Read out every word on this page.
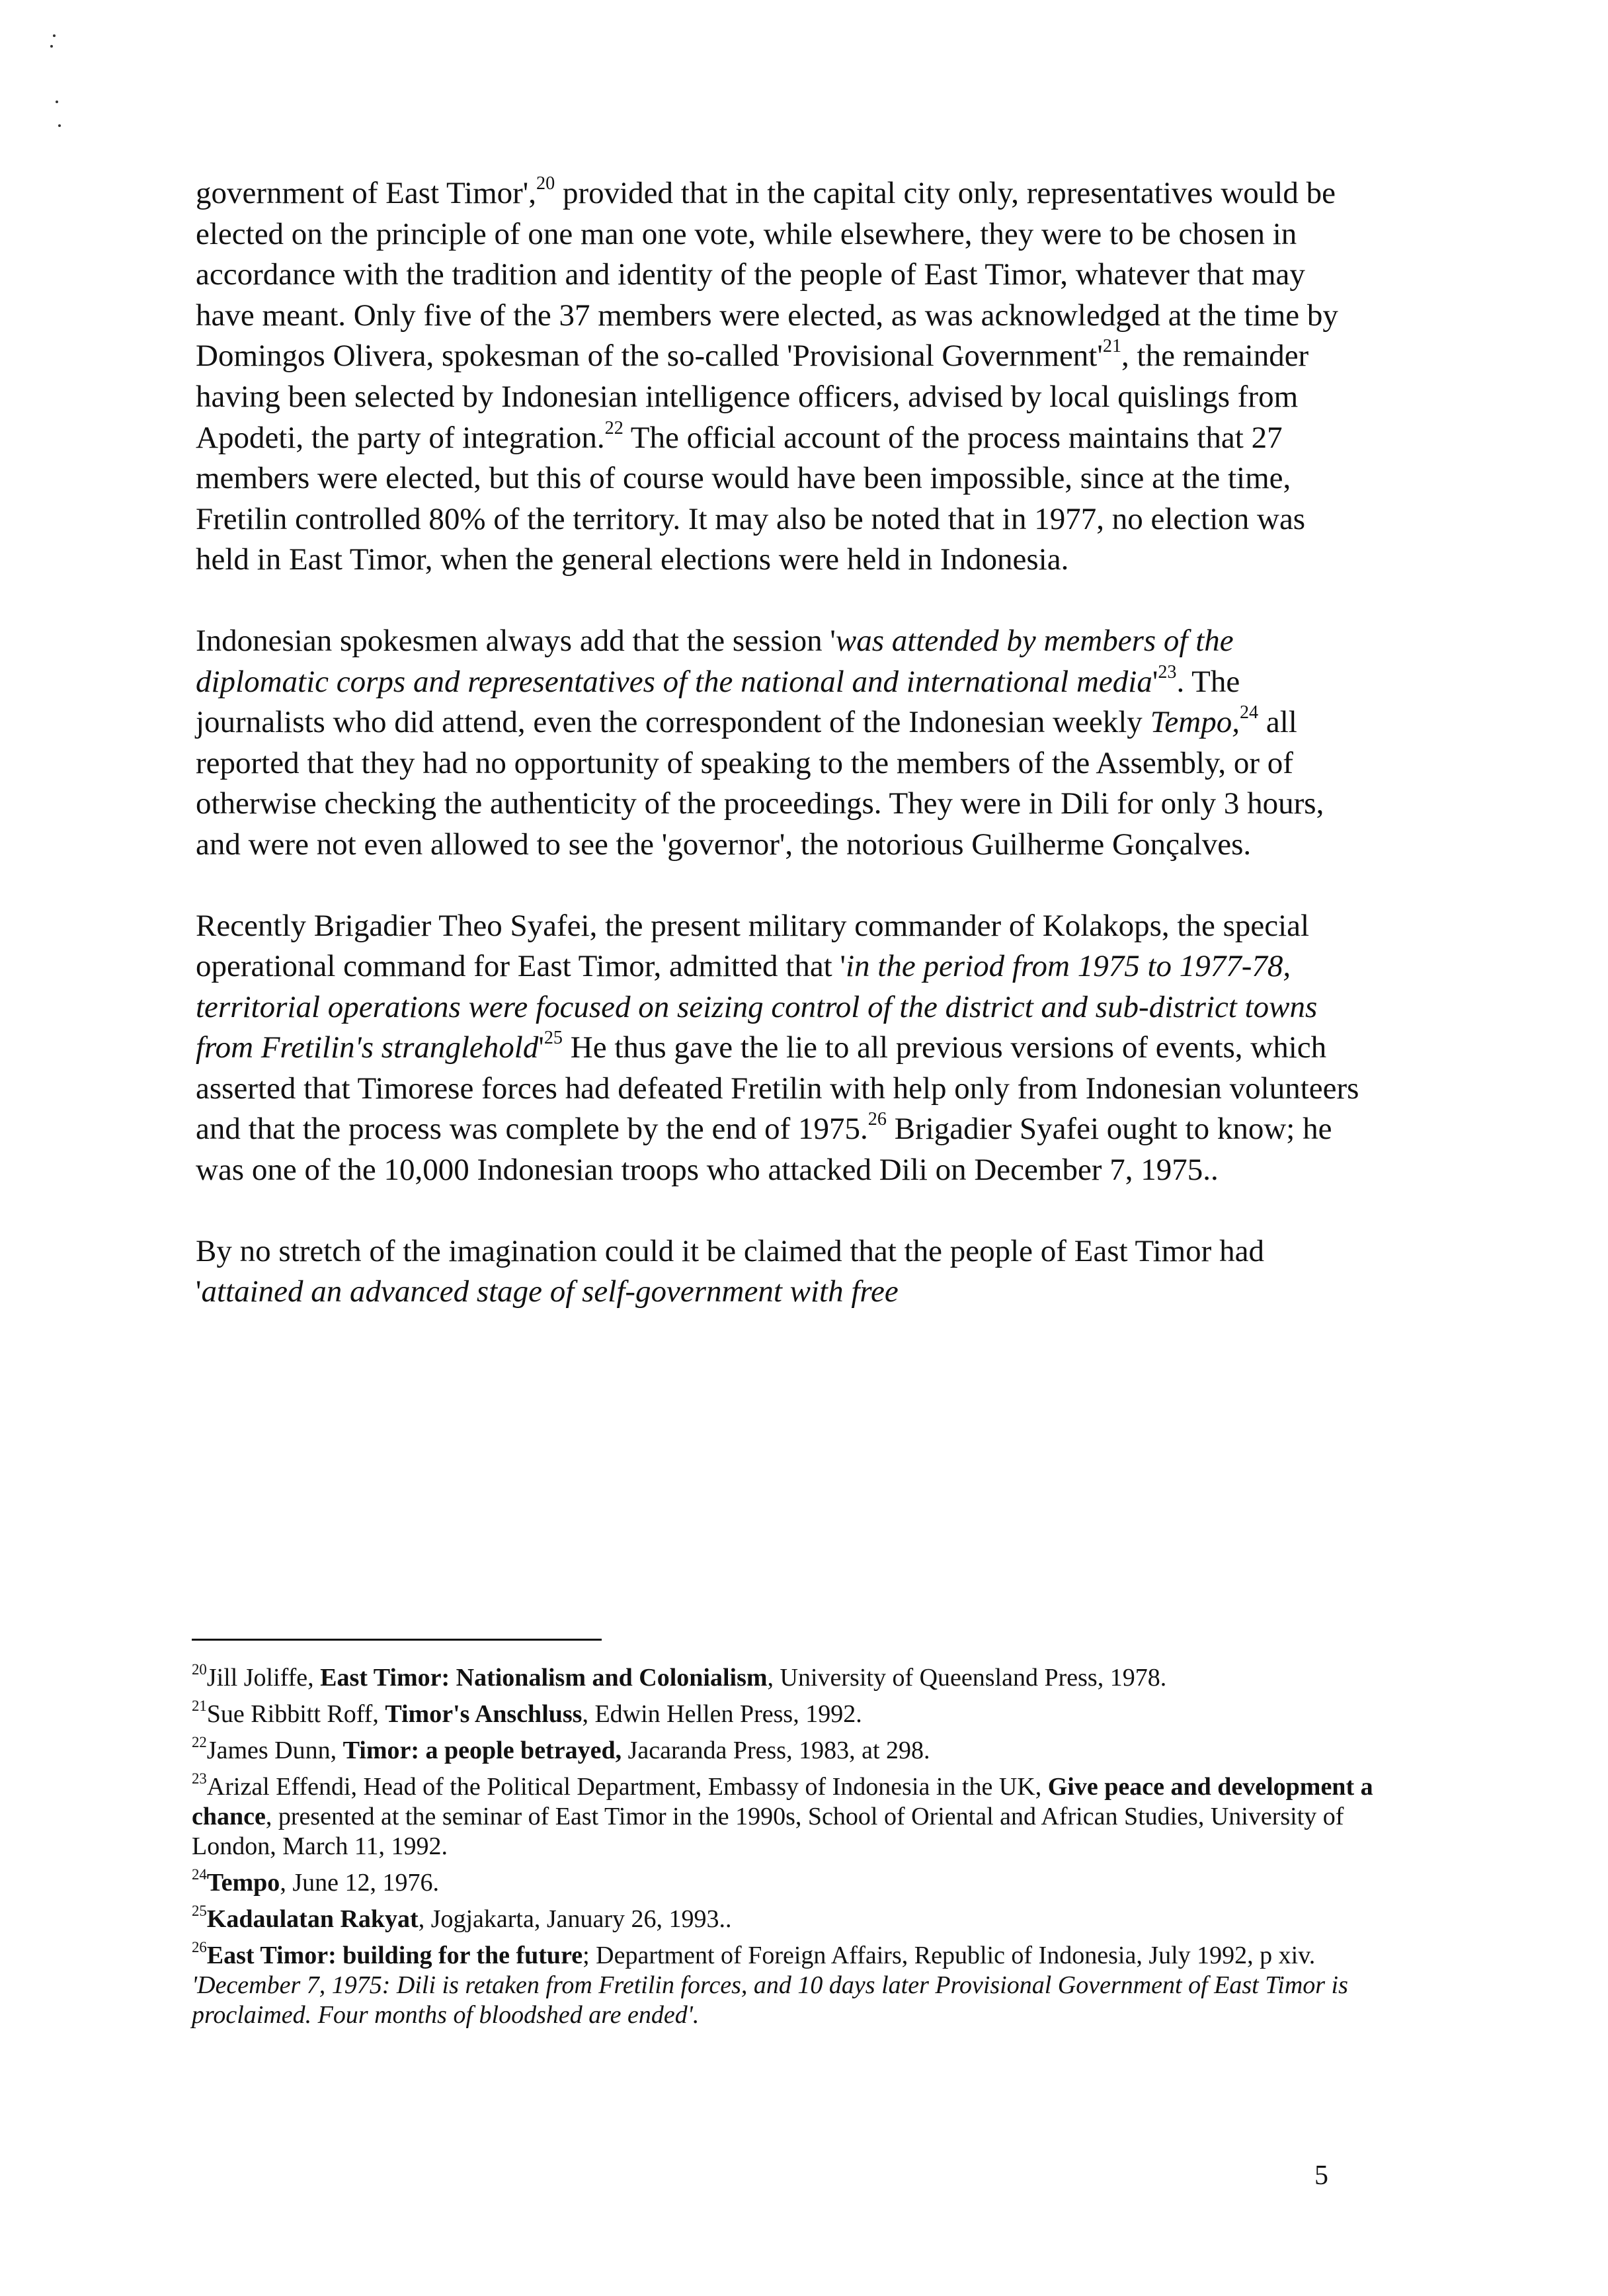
government of East Timor',$^{20}$ provided that in the capital city only, representatives would be elected on the principle of one man one vote, while elsewhere, they were to be chosen in accordance with the tradition and identity of the people of East Timor, whatever that may have meant. Only five of the 37 members were elected, as was acknowledged at the time by Domingos Olivera, spokesman of the so-called 'Provisional $Government'^{21}$, the remainder having been selected by Indonesian intelligence officers, advised by local quislings from Apodeti, the party of integration.$^{22}$ The official account of the process maintains that 27 members were elected, but this of course would have been impossible, since at the time, Fretilin controlled 80% of the territory. It may also be noted that in 1977, no election was held in East Timor, when the general elections were held in Indonesia.

Indonesian spokesmen always add that the session 'was attended by members of the diplomatic corps and representatives of the national and international $media'^{23}$. The journalists who did attend, even the correspondent of the Indonesian weekly Tempo,$^{24}$ all reported that they had no opportunity of speaking to the members of the Assembly, or of otherwise checking the authenticity of the proceedings. They were in Dili for only 3 hours, and were not even allowed to see the 'governor', the notorious Guilherme Gonçalves.

Recently Brigadier Theo Syafei, the present military commander of Kolakops, the special operational command for East Timor, admitted that 'in the period from 1975 to 1977-78, territorial operations were focused on seizing control of the district and sub-district towns from Fretilin's $stranglehold'^{25}$ He thus gave the lie to all previous versions of events, which asserted that Timorese forces had defeated Fretilin with help only from Indonesian volunteers and that the process was complete by the end of 1975.26 Brigadier Syafei ought to know; he was one of the 10,000 Indonesian troops who attacked Dili on December 7, 1975..

By no stretch of the imagination could it be claimed that the people of East Timor had 'attained an advanced stage of self-government with free

$^{20}$Jill Joliffe, East Timor: Nationalism and Colonialism, University of Queensland Press, 1978.

$^{21}$Sue Ribbitt Roff, Timor's Anschluss, Edwin Hellen Press, 1992.

$^{22}$James Dunn, Timor: a people betrayed, Jacaranda Press, 1983, at 298.

$^{23}$Arizal Effendi, Head of the Political Department, Embassy of Indonesia in the UK, Give peace and development a chance, presented at the seminar of East Timor in the 1990s, School of Oriental and African Studies, University of London, March 11, 1992.

$^{24}$Tempo, June 12, 1976.

$^{25}$Kadaulatan Rakyat, Jogjakarta, January 26, 1993..

$^{26}$East Timor: building for the future; Department of Foreign Affairs, Republic of Indonesia, July 1992, p xiv. 'December 7, 1975: Dili is retaken from Fretilin forces, and 10 days later Provisional Government of East Timor is proclaimed. Four months of bloodshed are ended'.

5
